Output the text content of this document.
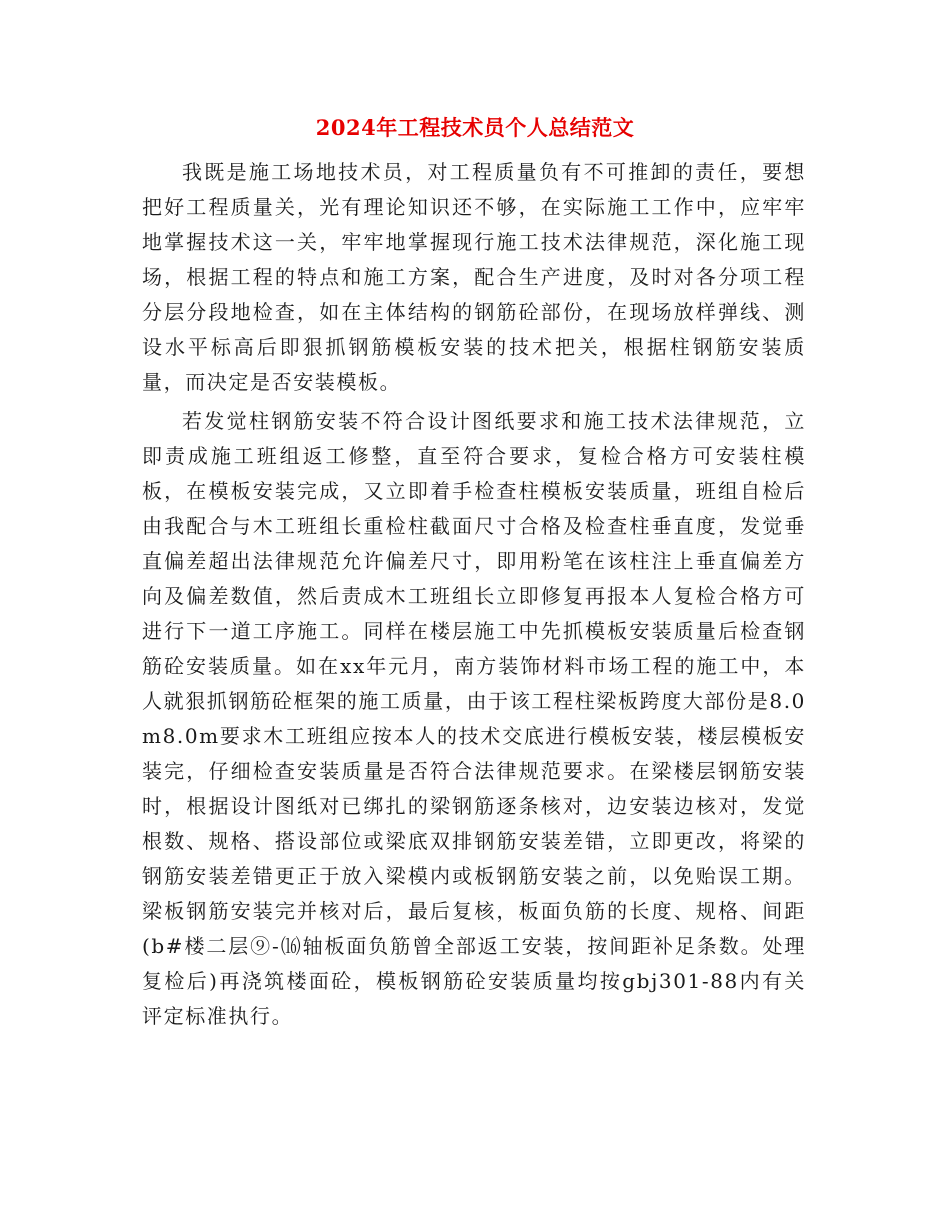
2024年工程技术员个人总结范文

我既是施工场地技术员，对工程质量负有不可推卸的责任，要想把好工程质量关，光有理论知识还不够，在实际施工工作中，应牢牢地掌握技术这一关，牢牢地掌握现行施工技术法律规范，深化施工现场，根据工程的特点和施工方案，配合生产进度，及时对各分项工程分层分段地检查，如在主体结构的钢筋砼部份，在现场放样弹线、测设水平标高后即狠抓钢筋模板安装的技术把关，根据柱钢筋安装质量，而决定是否安装模板。

若发觉柱钢筋安装不符合设计图纸要求和施工技术法律规范，立即责成施工班组返工修整，直至符合要求，复检合格方可安装柱模板，在模板安装完成，又立即着手检查柱模板安装质量，班组自检后由我配合与木工班组长重检柱截面尺寸合格及检查柱垂直度，发觉垂直偏差超出法律规范允许偏差尺寸，即用粉笔在该柱注上垂直偏差方向及偏差数值，然后责成木工班组长立即修复再报本人复检合格方可进行下一道工序施工。同样在楼层施工中先抓模板安装质量后检查钢筋砼安装质量。如在xx年元月，南方装饰材料市场工程的施工中，本人就狠抓钢筋砼框架的施工质量，由于该工程柱梁板跨度大部份是8.0m8.0m要求木工班组应按本人的技术交底进行模板安装，楼层模板安装完，仔细检查安装质量是否符合法律规范要求。在梁楼层钢筋安装时，根据设计图纸对已绑扎的梁钢筋逐条核对，边安装边核对，发觉根数、规格、搭设部位或梁底双排钢筋安装差错，立即更改，将梁的钢筋安装差错更正于放入梁模内或板钢筋安装之前，以免贻误工期。梁板钢筋安装完并核对后，最后复核，板面负筋的长度、规格、间距(b#楼二层⑨-⒃轴板面负筋曾全部返工安装，按间距补足条数。处理复检后)再浇筑楼面砼，模板钢筋砼安装质量均按gbj301-88内有关评定标准执行。
